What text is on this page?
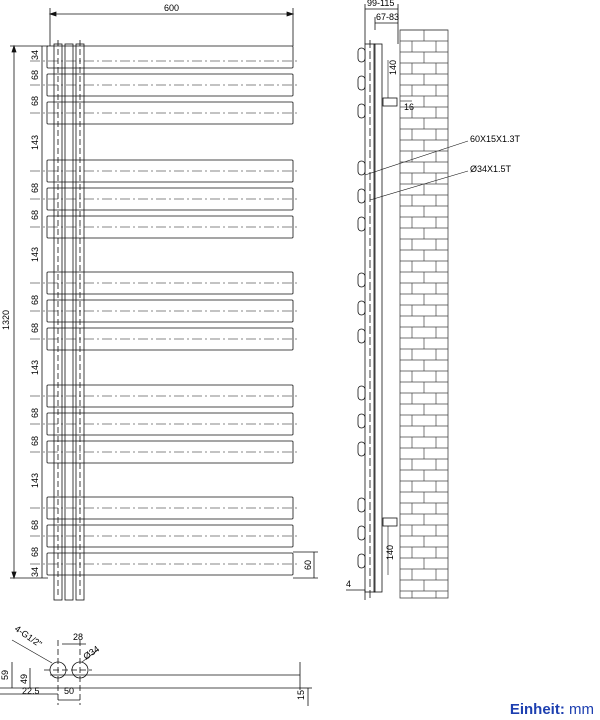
600
1320
34
68
68
143
68
68
143
68
68
143
68
68
143
68
68
34
60
99-115
67-83
140
16
60X15X1.3T
Ø34X1.5T
140
4
4-G1/2"	28
Ø34
59 49
22.5	50	15
Einheit: mm
